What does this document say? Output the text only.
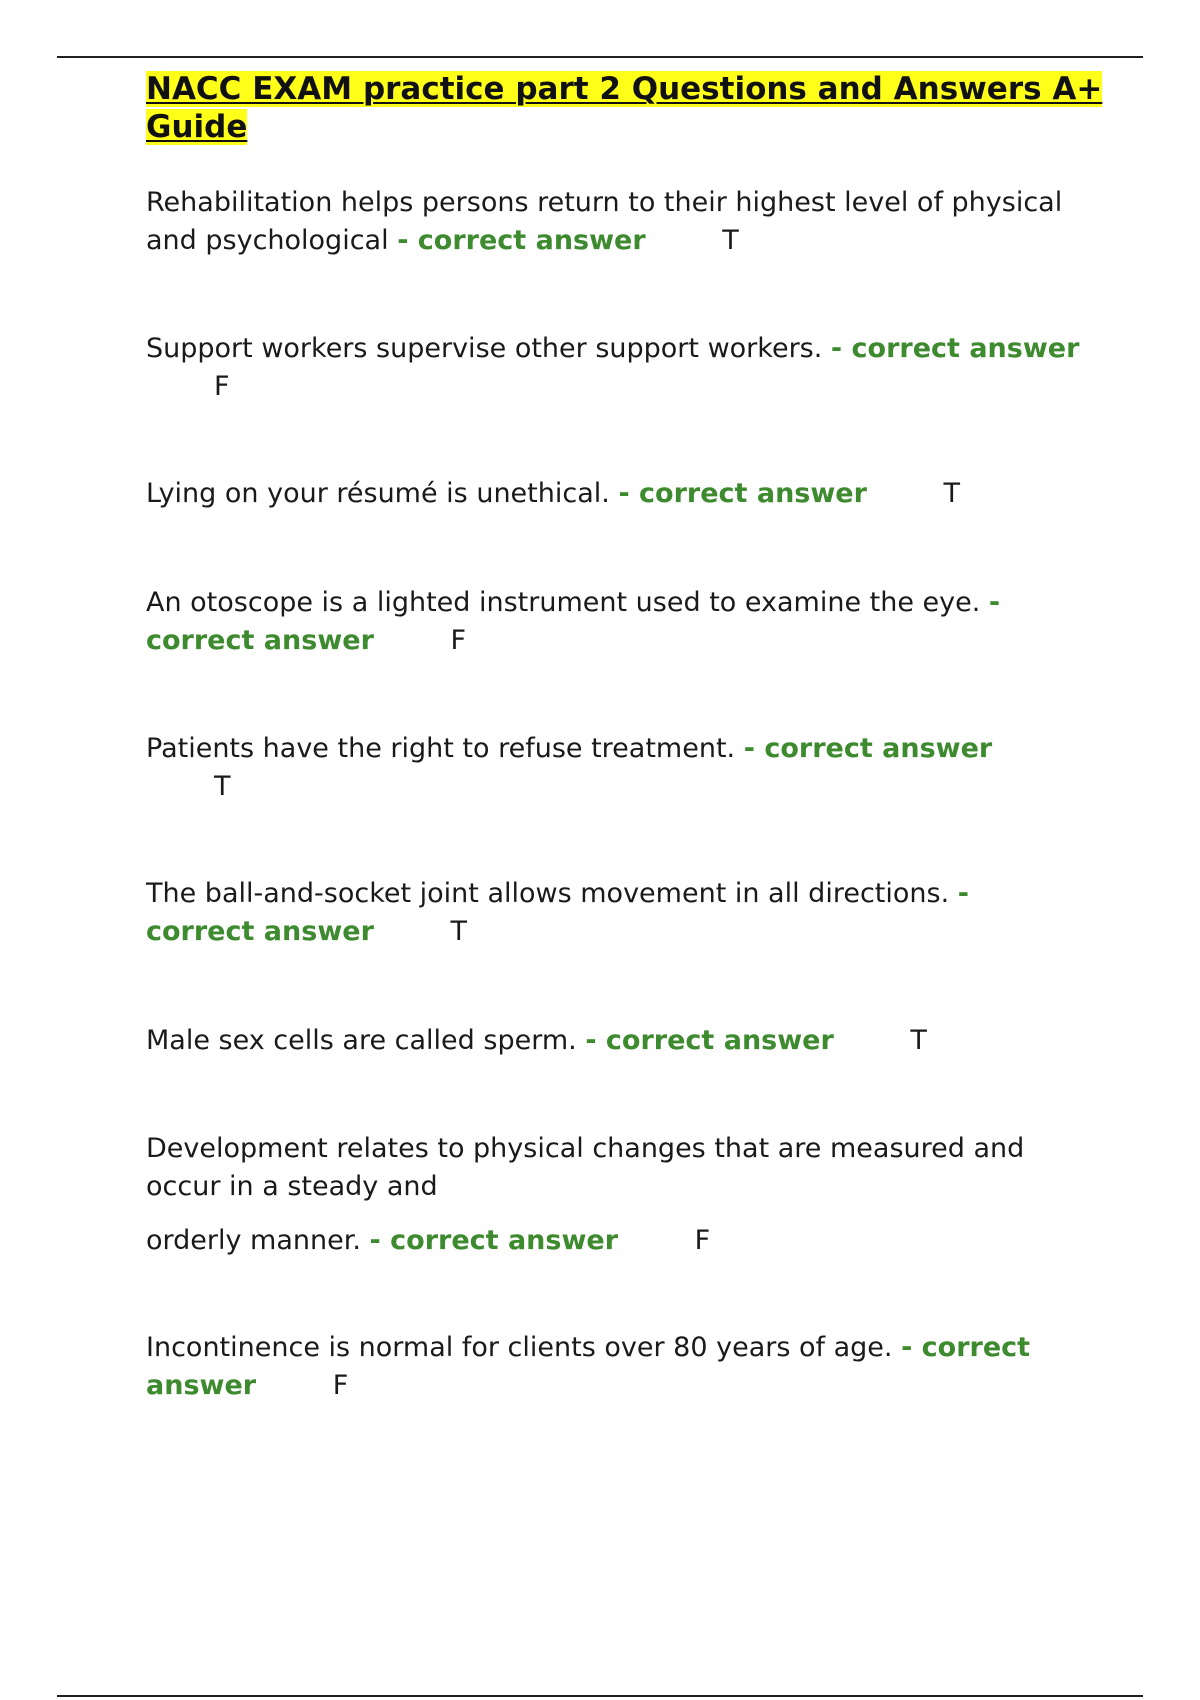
NACC EXAM practice part 2 Questions and Answers A+ Guide
Rehabilitation helps persons return to their highest level of physical and psychological - correct answer	T
Support workers supervise other support workers. - correct answer F
Lying on your résumé is unethical. - correct answer	T
An otoscope is a lighted instrument used to examine the eye. - correct answer	F
Patients have the right to refuse treatment. - correct answer
T
The ball-and-socket joint allows movement in all directions. - correct answer	T
Male sex cells are called sperm. - correct answer	T

Development relates to physical changes that are measured and occur in a steady and

orderly manner. - correct answer	F

Incontinence is normal for clients over 80 years of age. - correct answer	F
